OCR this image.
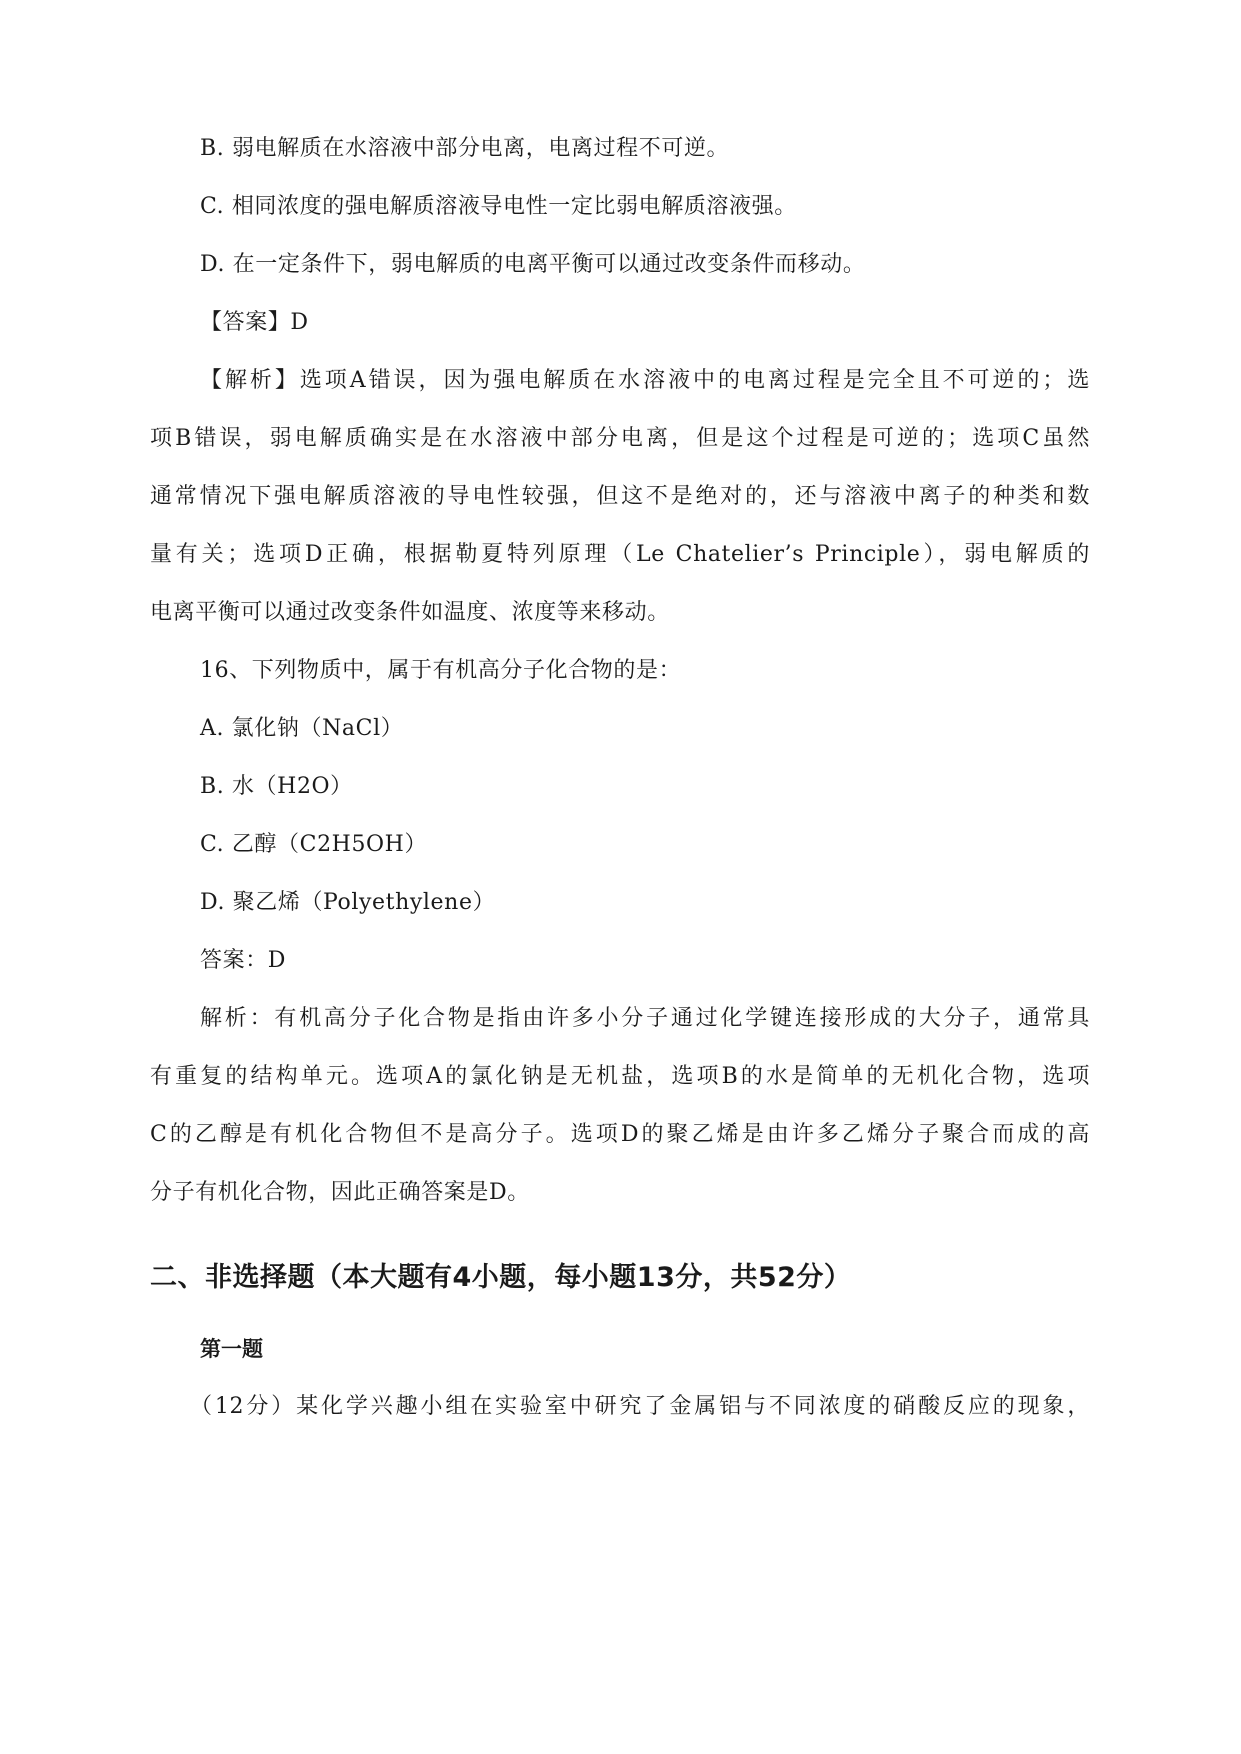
B. 弱电解质在水溶液中部分电离，电离过程不可逆。
C. 相同浓度的强电解质溶液导电性一定比弱电解质溶液强。
D. 在一定条件下，弱电解质的电离平衡可以通过改变条件而移动。
【答案】D
【解析】选项A错误，因为强电解质在水溶液中的电离过程是完全且不可逆的；选
项B错误，弱电解质确实是在水溶液中部分电离，但是这个过程是可逆的；选项C虽然
通常情况下强电解质溶液的导电性较强，但这不是绝对的，还与溶液中离子的种类和数
量有关；选项D正确，根据勒夏特列原理（Le Chatelier’s Principle），弱电解质的
电离平衡可以通过改变条件如温度、浓度等来移动。
16、下列物质中，属于有机高分子化合物的是：
A. 氯化钠（NaCl）
B. 水（H2O）
C. 乙醇（C2H5OH）
D. 聚乙烯（Polyethylene）
答案：D
解析：有机高分子化合物是指由许多小分子通过化学键连接形成的大分子，通常具
有重复的结构单元。选项A的氯化钠是无机盐，选项B的水是简单的无机化合物，选项
C的乙醇是有机化合物但不是高分子。选项D的聚乙烯是由许多乙烯分子聚合而成的高
分子有机化合物，因此正确答案是D。
二、非选择题（本大题有4小题，每小题13分，共52分）
第一题
（12分）某化学兴趣小组在实验室中研究了金属铝与不同浓度的硝酸反应的现象，
